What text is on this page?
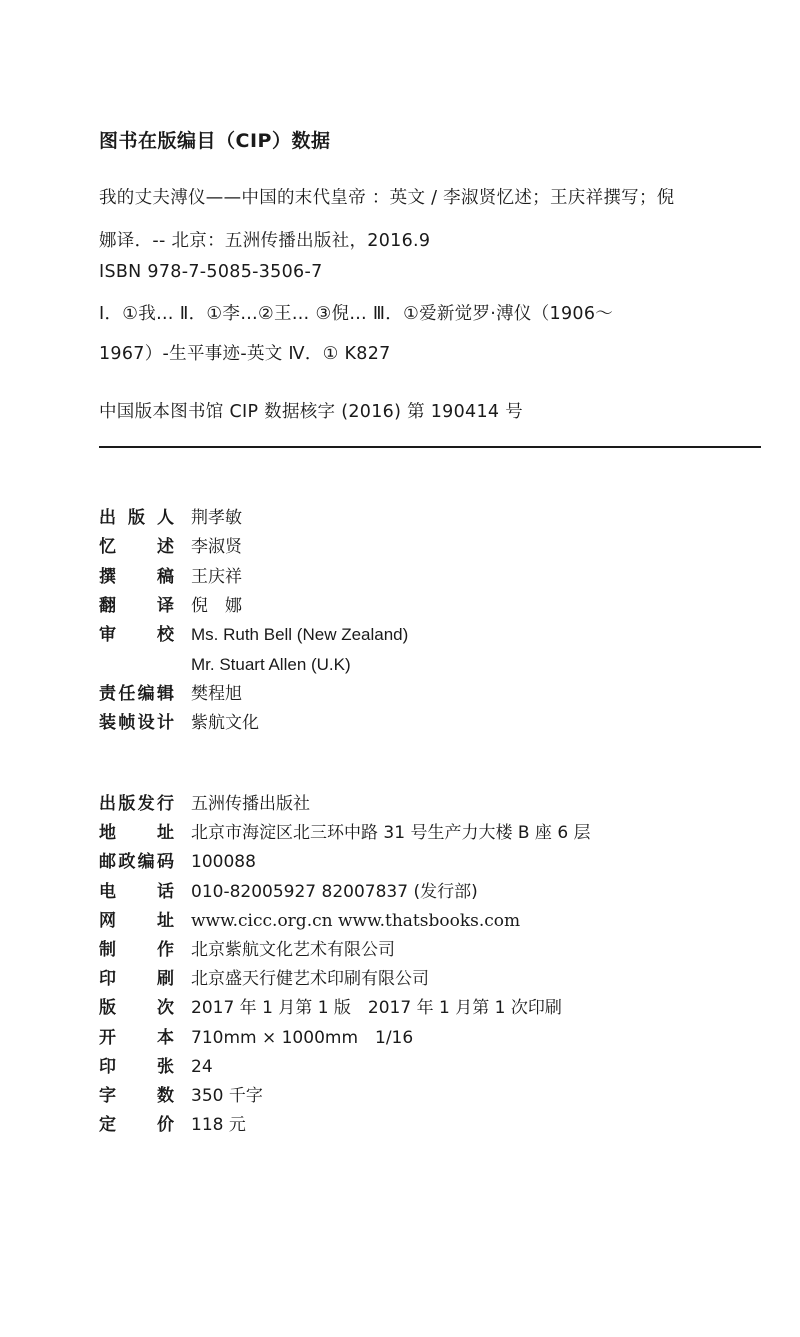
图书在版编目（CIP）数据

我的丈夫溥仪——中国的末代皇帝 ：英文 / 李淑贤忆述；王庆祥撰写；倪

娜译．-- 北京：五洲传播出版社，2016.9

ISBN 978-7-5085-3506-7

Ⅰ．①我… Ⅱ．①李…②王… ③倪… Ⅲ．①爱新觉罗·溥仪（1906～

1967）-生平事迹-英文 Ⅳ．① K827

中国版本图书馆 CIP 数据核字 (2016) 第 190414 号

出 版 人 荆孝敏
忆 述 李淑贤
撰 稿 王庆祥
翻 译 倪　娜
审 校 Ms. Ruth Bell (New Zealand)
Mr. Stuart Allen (U.K)
责 任 编 辑 樊程旭
装 帧 设 计 紫航文化
出 版 发 行 五洲传播出版社
地 址 北京市海淀区北三环中路 31 号生产力大楼 B 座 6 层
邮 政 编 码 100088
电 话 010-82005927 82007837 (发行部)
网 址 www.cicc.org.cn www.thatsbooks.com
制 作 北京紫航文化艺术有限公司
印 刷 北京盛天行健艺术印刷有限公司
版 次 2017 年 1 月第 1 版　2017 年 1 月第 1 次印刷
开 本 710mm × 1000mm　1/16
印 张 24
字 数 350 千字
定 价 118 元
